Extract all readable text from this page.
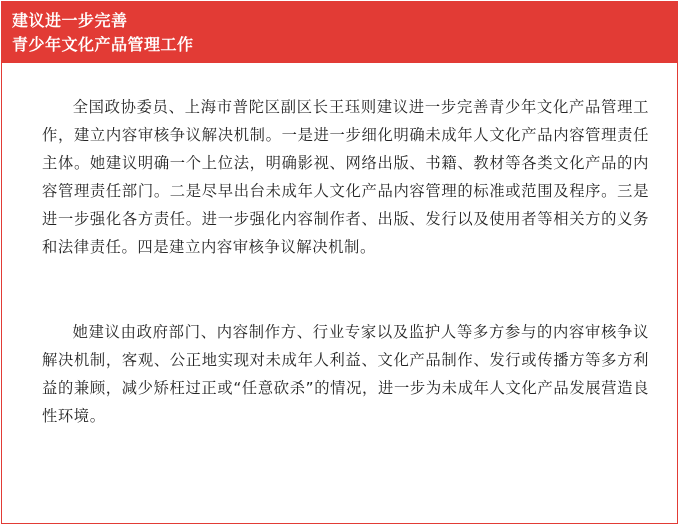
建议进一步完善
青少年文化产品管理工作

全国政协委员、上海市普陀区副区长王珏则建议进一步完善青少年文化产品管理工作，建立内容审核争议解决机制。一是进一步细化明确未成年人文化产品内容管理责任主体。她建议明确一个上位法，明确影视、网络出版、书籍、教材等各类文化产品的内容管理责任部门。二是尽早出台未成年人文化产品内容管理的标准或范围及程序。三是进一步强化各方责任。进一步强化内容制作者、出版、发行以及使用者等相关方的义务和法律责任。四是建立内容审核争议解决机制。

她建议由政府部门、内容制作方、行业专家以及监护人等多方参与的内容审核争议解决机制，客观、公正地实现对未成年人利益、文化产品制作、发行或传播方等多方利益的兼顾，减少矫枉过正或“任意砍杀”的情况，进一步为未成年人文化产品发展营造良性环境。
